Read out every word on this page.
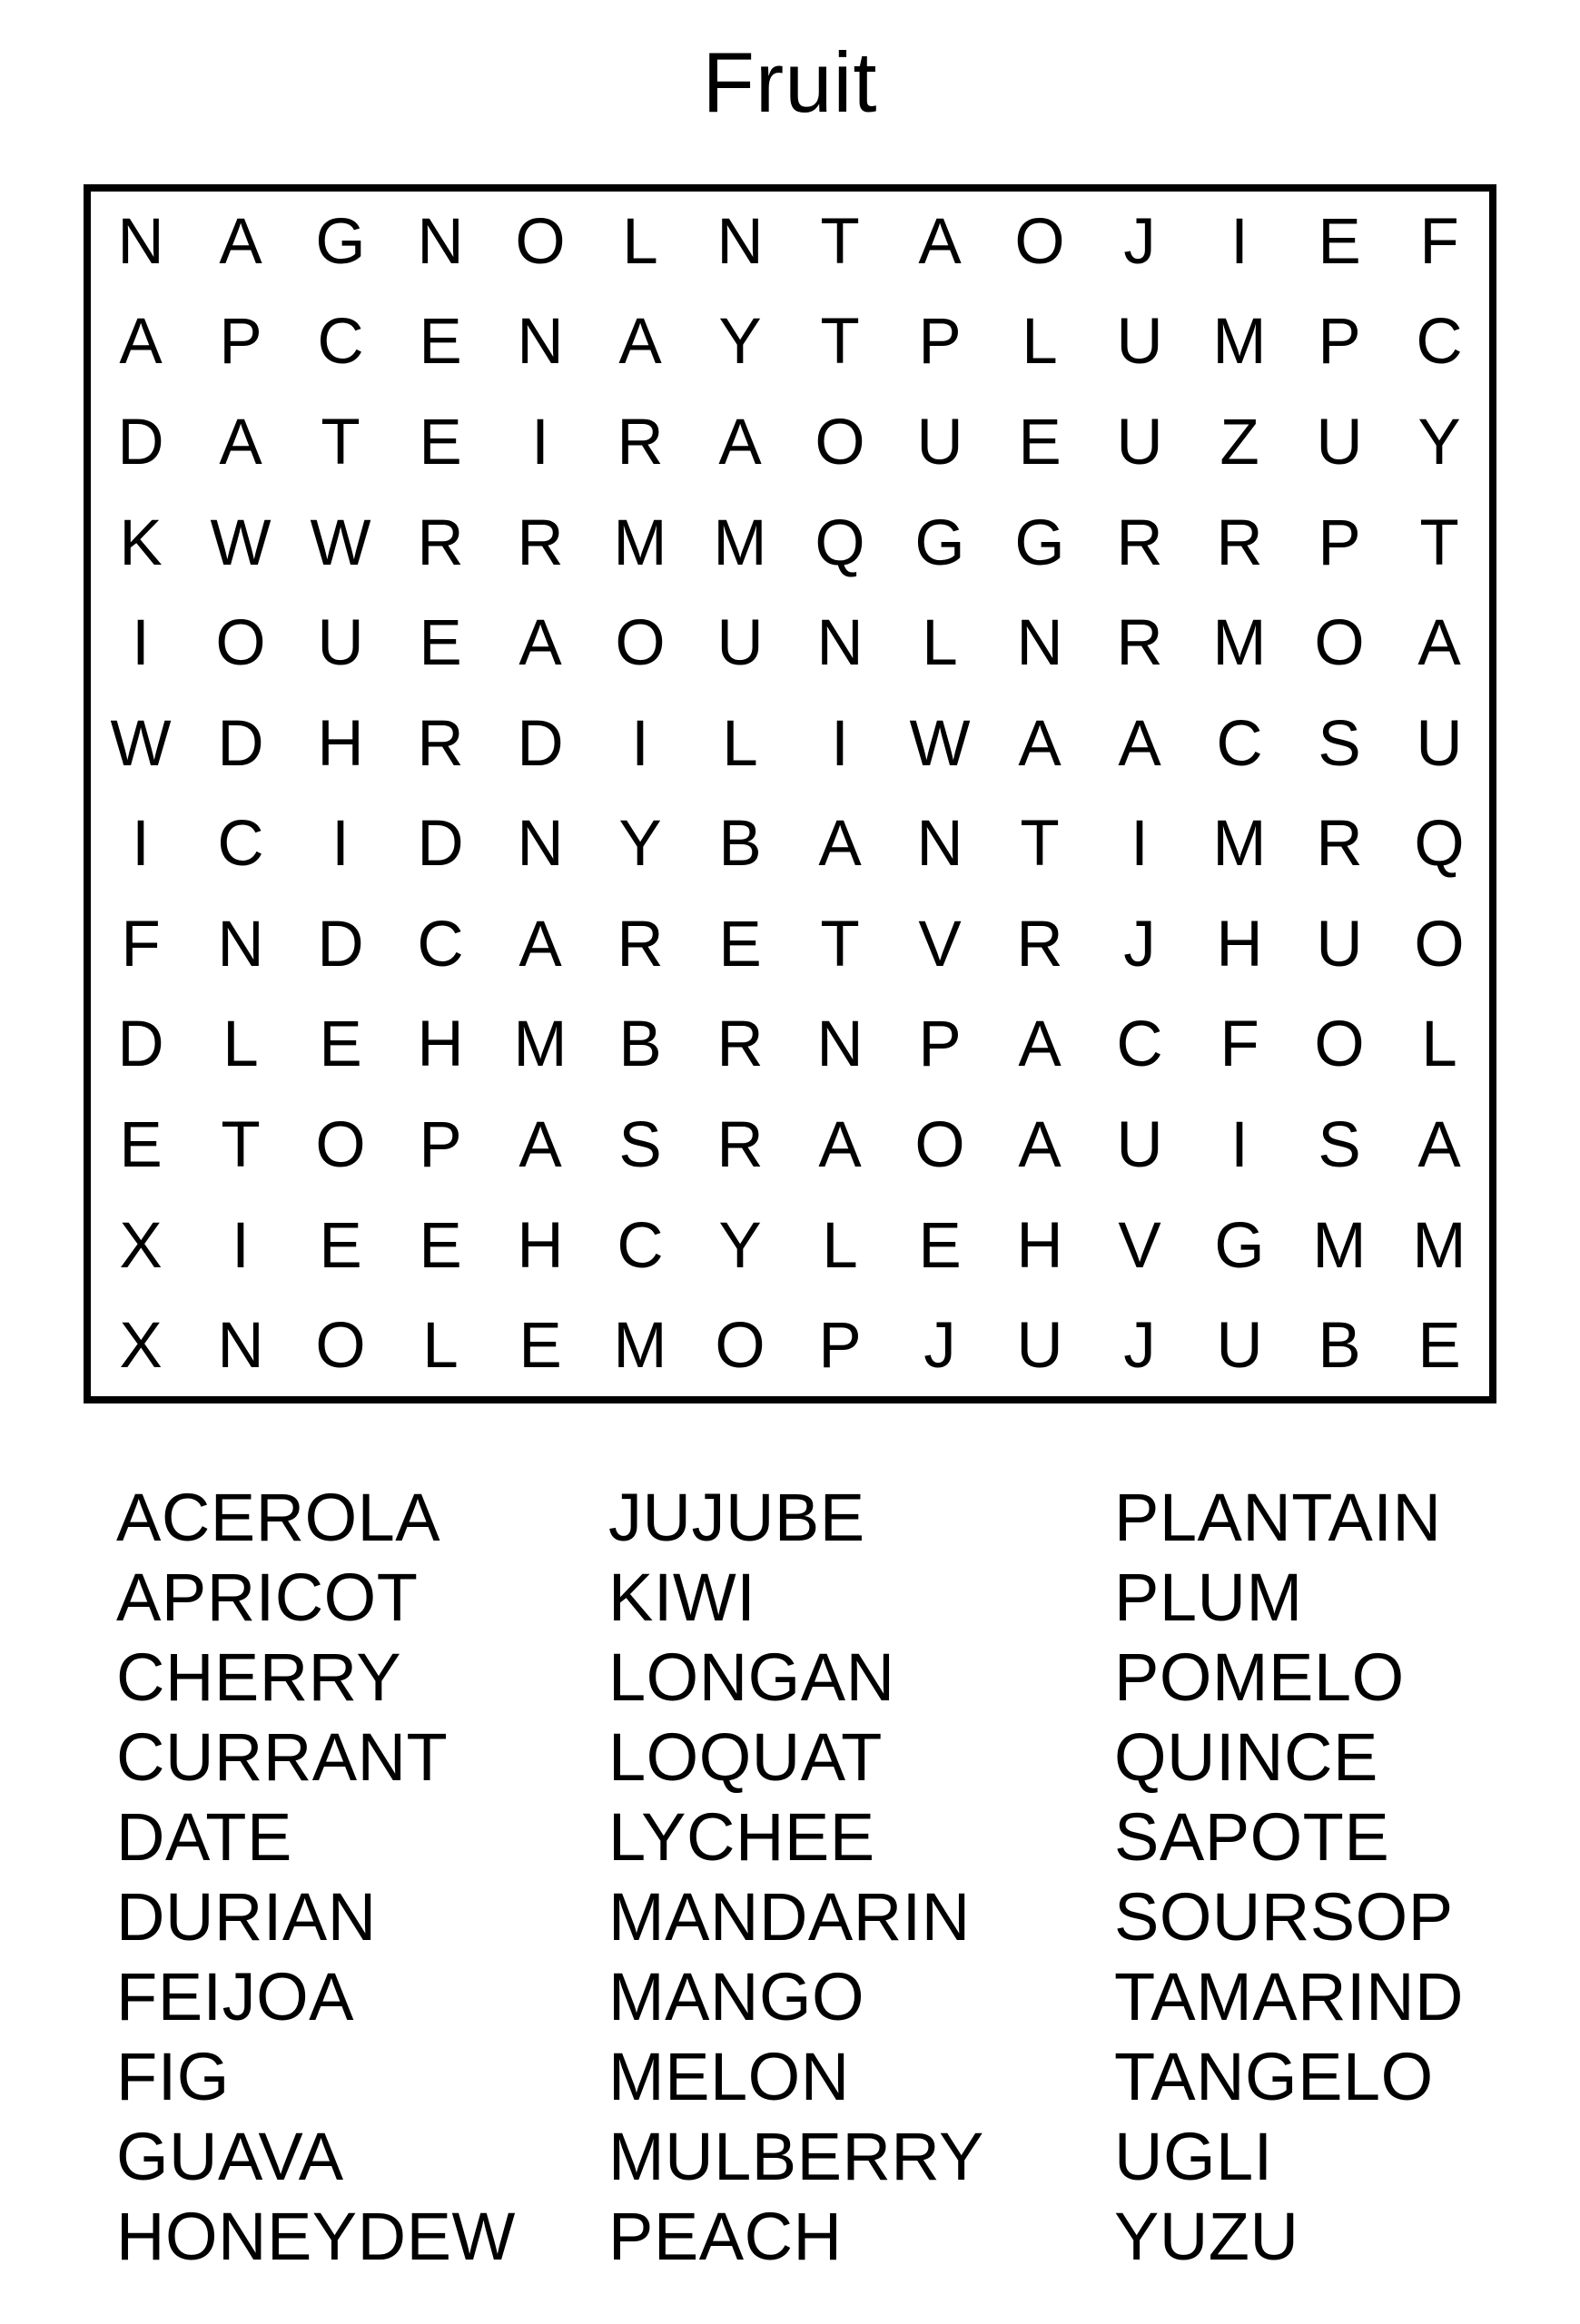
Fruit
N A G N O L N T A O J	I	E F
A P C E N A Y T P L U M P C
D A T E	I	R A O U E U Z U Y
K W W R R M M Q G G R R P T
I	O U E A O U N L N R M O A
W D H R D	I	L	I W A A C S U
I	C	I	D N Y B A N T	I M R Q
F N D C A R E T V R J H U O
D L E H M B R N P A C F O L
E T O P A S R A O A U	I	S A
X	I	E E H C Y L E H V G M M
X N O L E M O P J U J U B E
ACEROLA
APRICOT
CHERRY
CURRANT
DATE
DURIAN
FEIJOA
FIG
GUAVA
HONEYDEW
JUJUBE
KIWI
LONGAN
LOQUAT
LYCHEE
MANDARIN
MANGO
MELON
MULBERRY
PEACH
PLANTAIN
PLUM
POMELO
QUINCE
SAPOTE
SOURSOP
TAMARIND
TANGELO
UGLI
YUZU
